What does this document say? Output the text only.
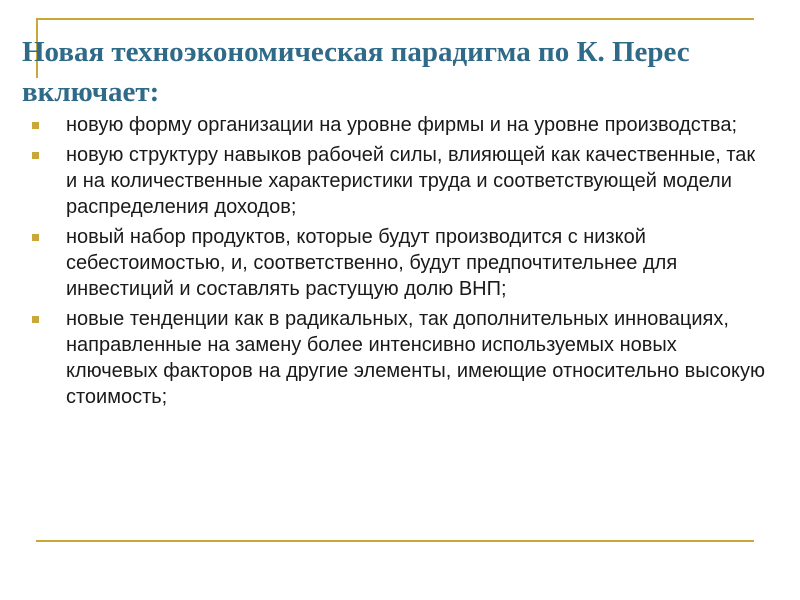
Новая техноэкономическая парадигма по К. Перес включает:
новую форму организации на уровне фирмы и на уровне производства;
новую структуру навыков рабочей силы, влияющей как качественные, так и на количественные характеристики труда и соответствующей модели распределения доходов;
новый набор продуктов, которые будут производится с низкой себестоимостью, и, соответственно, будут предпочтительнее для инвестиций и составлять растущую долю ВНП;
новые тенденции как в радикальных, так дополнительных инновациях, направленные на замену более интенсивно используемых новых ключевых факторов на другие элементы, имеющие относительно высокую стоимость;
